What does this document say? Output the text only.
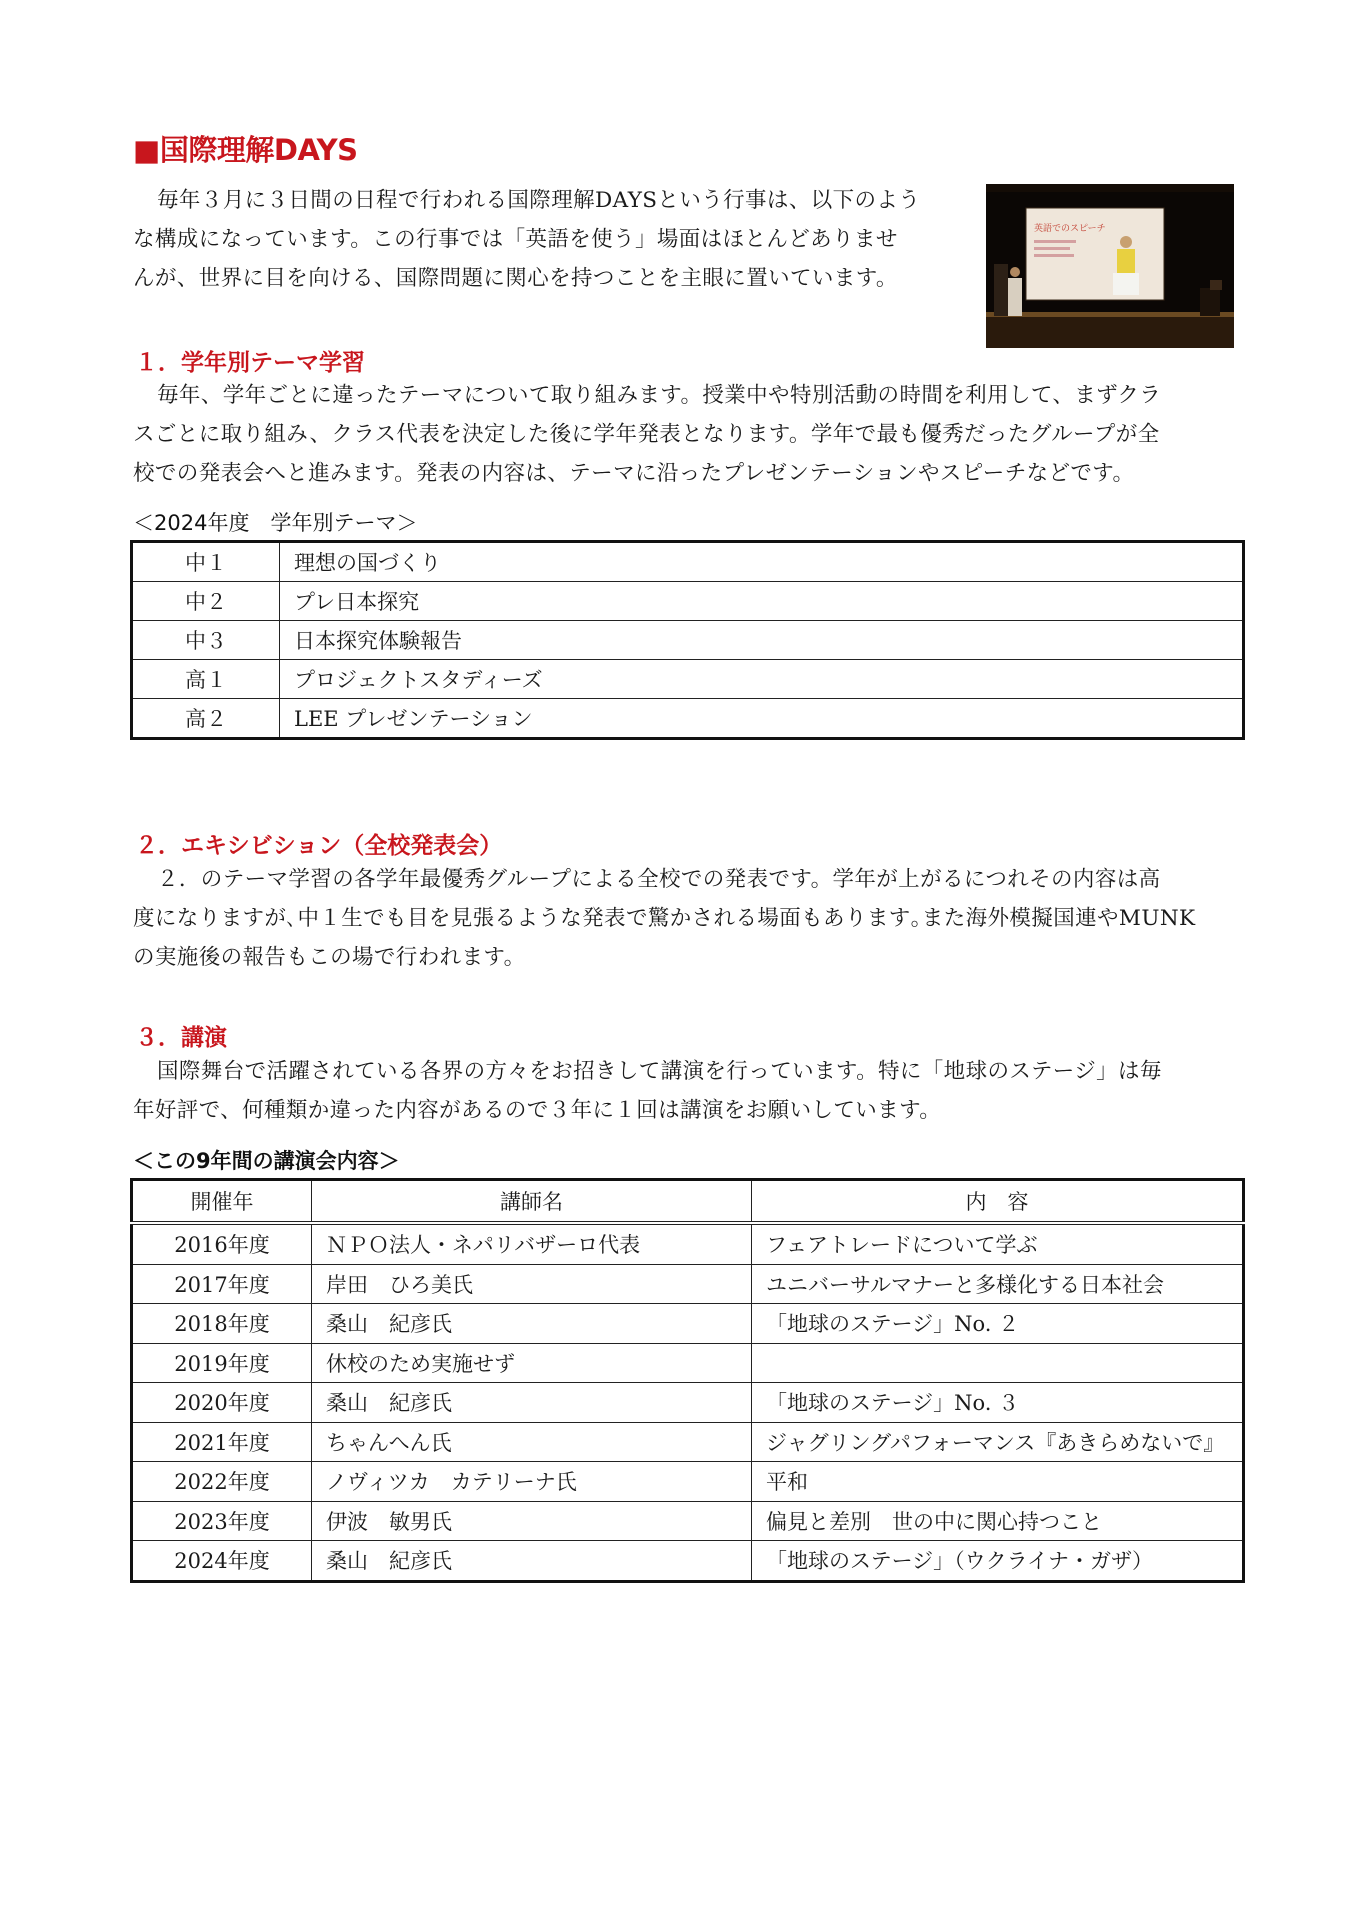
■国際理解DAYS
毎年３月に３日間の日程で行われる国際理解DAYSという行事は、以下のよう
な構成になっています。この行事では「英語を使う」場面はほとんどありませ
んが、世界に目を向ける、国際問題に関心を持つことを主眼に置いています。
英語でのスピーチ
１．学年別テーマ学習
毎年、学年ごとに違ったテーマについて取り組みます。授業中や特別活動の時間を利用して、まずクラ
スごとに取り組み、クラス代表を決定した後に学年発表となります。学年で最も優秀だったグループが全
校での発表会へと進みます。発表の内容は、テーマに沿ったプレゼンテーションやスピーチなどです。
＜2024年度　学年別テーマ＞
中１	理想の国づくり
中２	プレ日本探究
中３	日本探究体験報告
高１	プロジェクトスタディーズ
高２	LEE プレゼンテーション
２．エキシビション（全校発表会）
２．のテーマ学習の各学年最優秀グループによる全校での発表です。学年が上がるにつれその内容は高
度になりますが､中１生でも目を見張るような発表で驚かされる場面もあります｡また海外模擬国連やMUNK
の実施後の報告もこの場で行われます。
３．講演
国際舞台で活躍されている各界の方々をお招きして講演を行っています。特に「地球のステージ」は毎
年好評で、何種類か違った内容があるので３年に１回は講演をお願いしています。
＜この9年間の講演会内容＞
開催年	講師名	内　容
2016年度	ＮＰＯ法人・ネパリバザーロ代表	フェアトレードについて学ぶ
2017年度	岸田　ひろ美氏	ユニバーサルマナーと多様化する日本社会
2018年度	桑山　紀彦氏	「地球のステージ」No. ２
2019年度	休校のため実施せず	
2020年度	桑山　紀彦氏	「地球のステージ」No. ３
2021年度	ちゃんへん氏	ジャグリングパフォーマンス『あきらめないで』
2022年度	ノヴィツカ　カテリーナ氏	平和
2023年度	伊波　敏男氏	偏見と差別　世の中に関心持つこと
2024年度	桑山　紀彦氏	「地球のステージ」（ウクライナ・ガザ）
